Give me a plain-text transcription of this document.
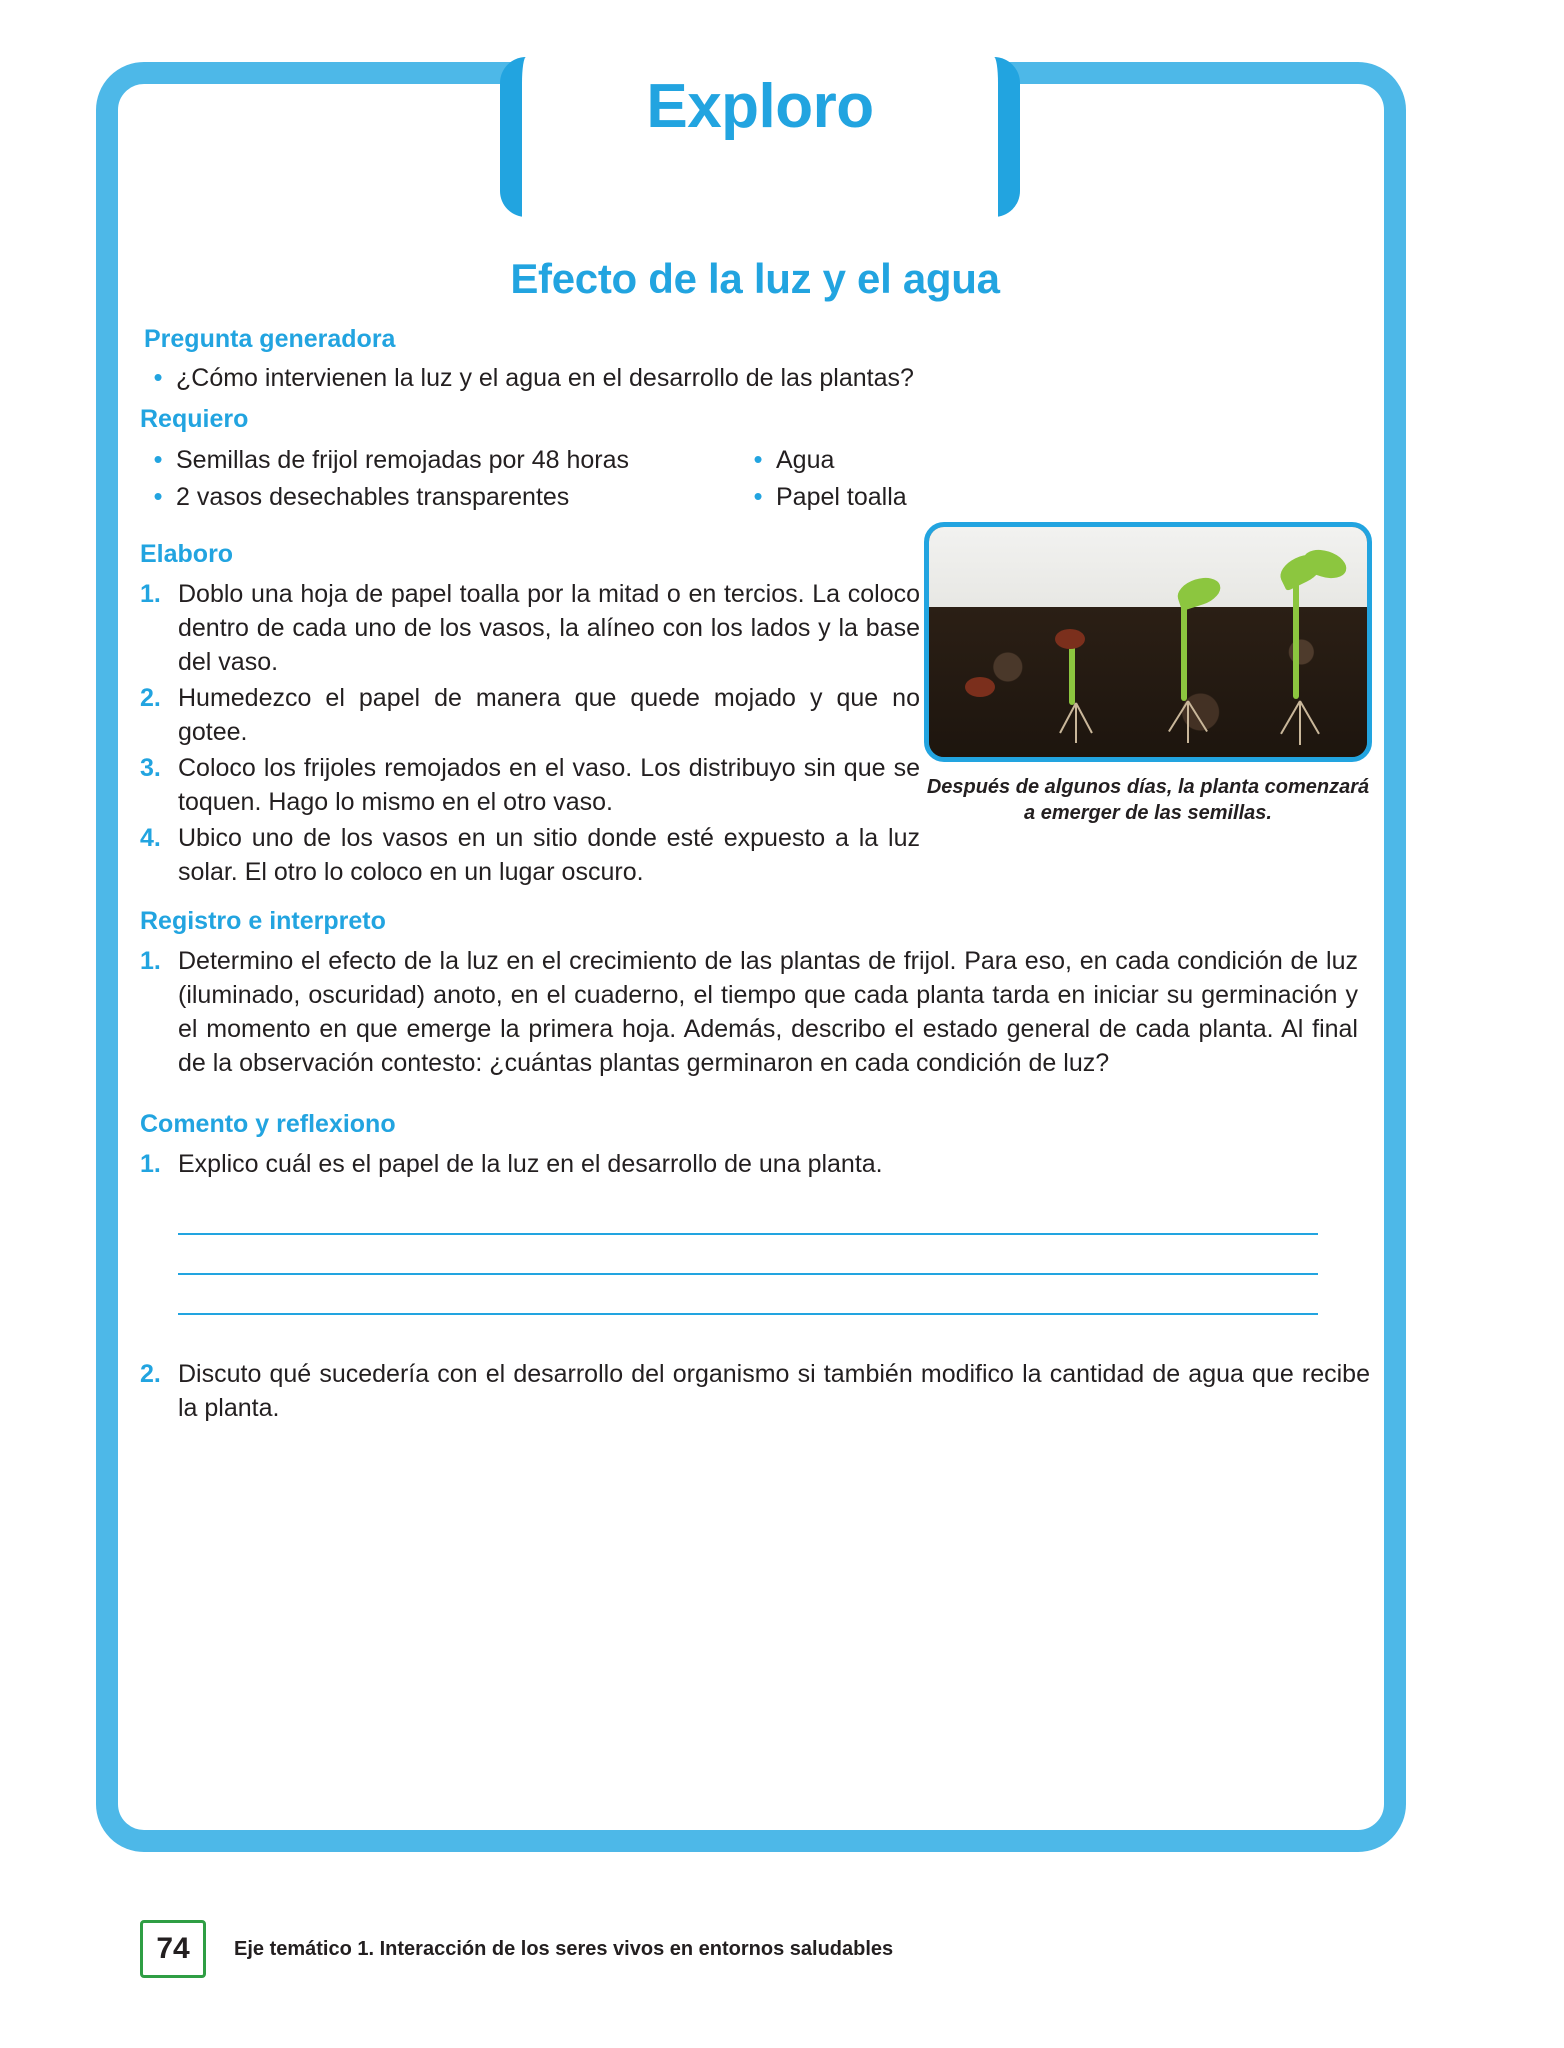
Exploro
Efecto de la luz y el agua
Pregunta generadora
• ¿Cómo intervienen la luz y el agua en el desarrollo de las plantas?
Requiero
• Semillas de frijol remojadas por 48 horas
• 2 vasos desechables transparentes
• Agua
• Papel toalla
Elaboro
Después de algunos días, la planta comenzará a emerger de las semillas.
1. Doblo una hoja de papel toalla por la mitad o en tercios. La coloco dentro de cada uno de los vasos, la alíneo con los lados y la base del vaso.
2. Humedezco el papel de manera que quede mojado y que no gotee.
3. Coloco los frijoles remojados en el vaso. Los distribuyo sin que se toquen. Hago lo mismo en el otro vaso.
4. Ubico uno de los vasos en un sitio donde esté expuesto a la luz solar. El otro lo coloco en un lugar oscuro.
Registro e interpreto
1. Determino el efecto de la luz en el crecimiento de las plantas de frijol. Para eso, en cada condición de luz (iluminado, oscuridad) anoto, en el cuaderno, el tiempo que cada planta tarda en iniciar su germinación y el momento en que emerge la primera hoja. Además, describo el estado general de cada planta. Al final de la observación contesto: ¿cuántas plantas germinaron en cada condición de luz?
Comento y reflexiono
1. Explico cuál es el papel de la luz en el desarrollo de una planta.
2. Discuto qué sucedería con el desarrollo del organismo si también modifico la cantidad de agua que recibe la planta.
74	Eje temático 1. Interacción de los seres vivos en entornos saludables
